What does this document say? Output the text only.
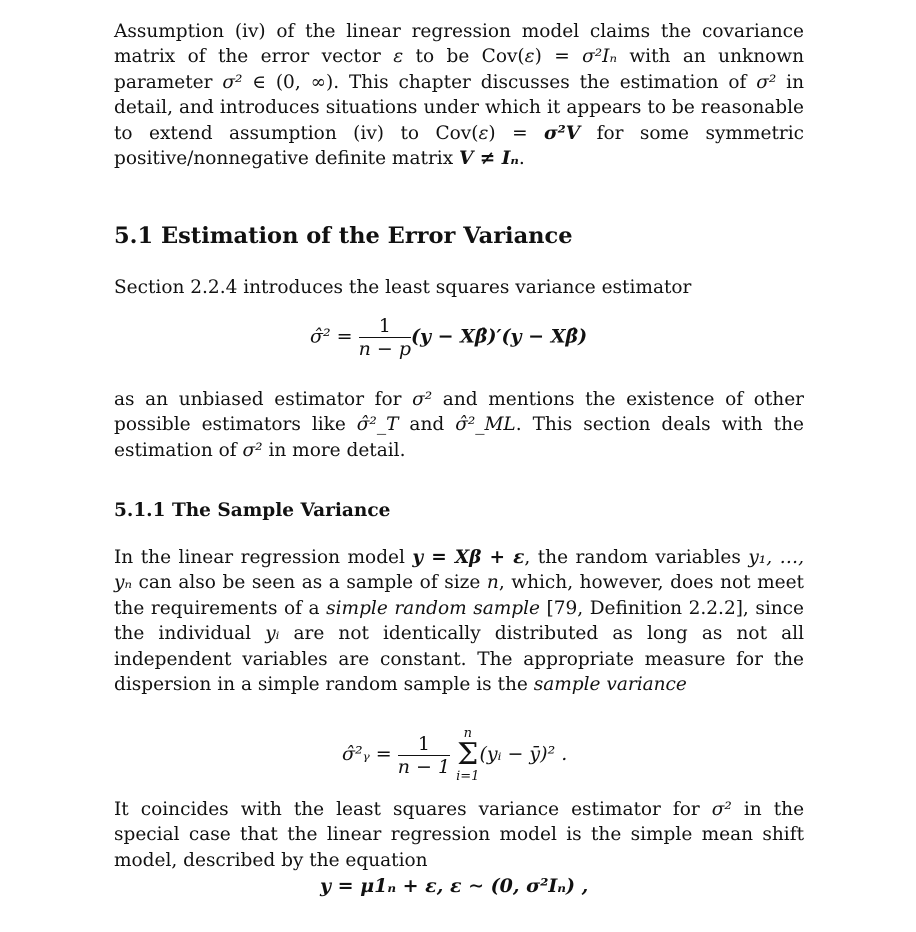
Assumption (iv) of the linear regression model claims the covariance matrix of the error vector ε to be Cov(ε) = σ²Iₙ with an unknown parameter σ² ∈ (0, ∞). This chapter discusses the estimation of σ² in detail, and introduces situations under which it appears to be reasonable to extend assumption (iv) to Cov(ε) = σ²V for some symmetric positive/nonnegative definite matrix V ≠ Iₙ.

5.1 Estimation of the Error Variance

Section 2.2.4 introduces the least squares variance estimator

σ̂² = $\frac{1}{n - p} (y$ − Xβ̂)′(y − Xβ̂)

as an unbiased estimator for σ² and mentions the existence of other possible estimators like σ̂²_T and σ̂²_ML. This section deals with the estimation of σ² in more detail.

5.1.1 The Sample Variance

In the linear regression model y = Xβ + ε, the random variables y₁, …, yₙ can also be seen as a sample of size n, which, however, does not meet the requirements of a simple random sample [79, Definition 2.2.2], since the individual yᵢ are not identically distributed as long as not all independent variables are constant. The appropriate measure for the dispersion in a simple random sample is the sample variance

σ̂²ᵧ = $\frac{1}{n - 1}$
	n
Σ
i=1
(yᵢ − ȳ)² .

It coincides with the least squares variance estimator for σ² in the special case that the linear regression model is the simple mean shift model, described by the equation

y = μ1ₙ + ε, ε ∼ (0, σ²Iₙ) ,
